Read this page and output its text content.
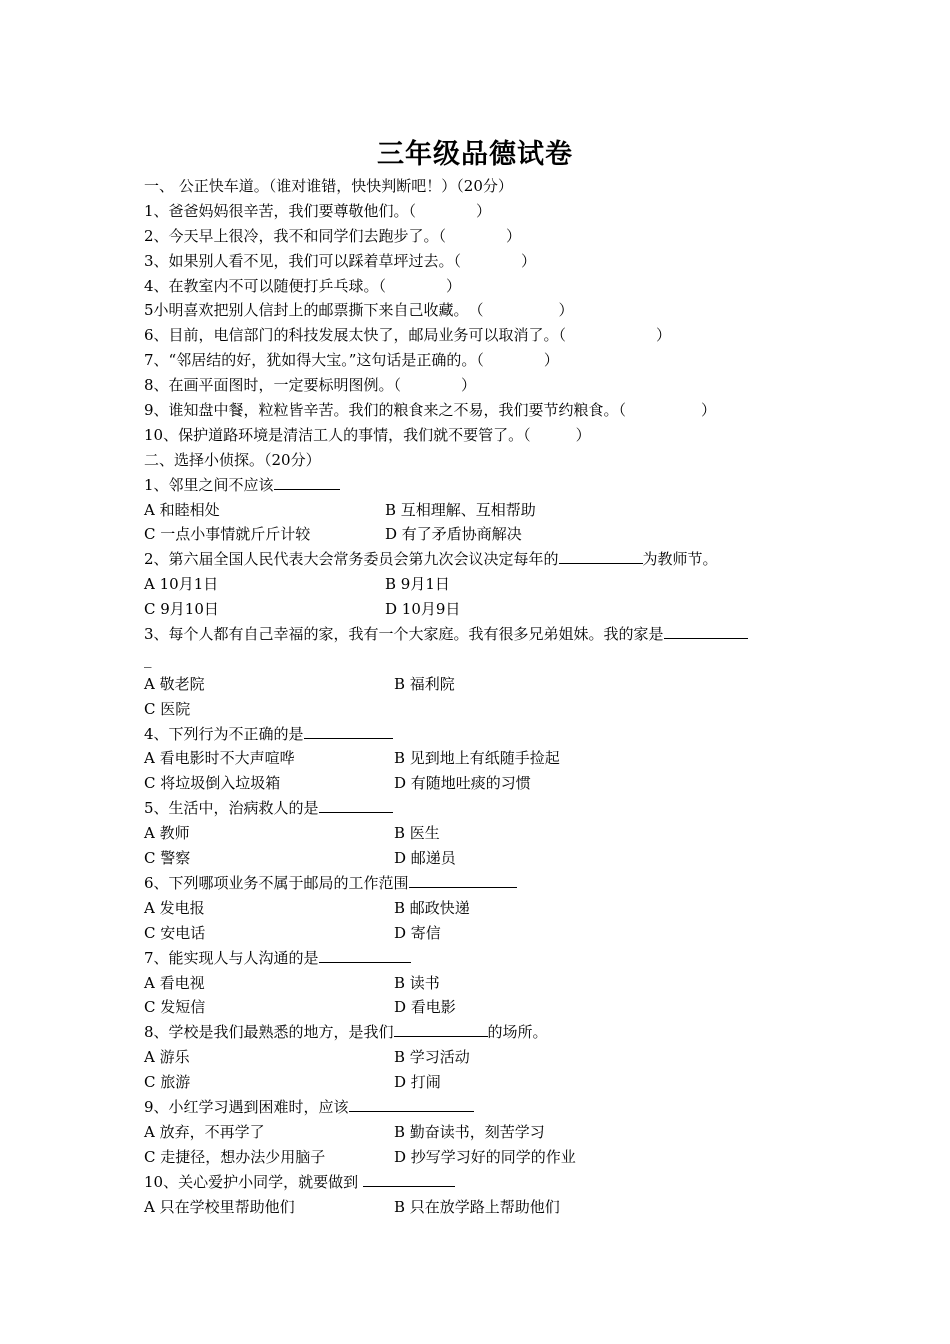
三年级品德试卷
一、 公正快车道。（谁对谁错，快快判断吧！）（20分）
1、爸爸妈妈很辛苦，我们要尊敬他们。（　　　　）
2、今天早上很冷，我不和同学们去跑步了。（　　　　）
3、如果别人看不见，我们可以踩着草坪过去。（　　　　）
4、在教室内不可以随便打乒乓球。（　　　　）
5小明喜欢把别人信封上的邮票撕下来自己收藏。　（　　　　　）
6、目前，电信部门的科技发展太快了，邮局业务可以取消了。（　　　　　　）
7、“邻居结的好，犹如得大宝。”这句话是正确的。（　　　　）
8、在画平面图时，一定要标明图例。（　　　　）
9、谁知盘中餐，粒粒皆辛苦。我们的粮食来之不易，我们要节约粮食。（　　　　　）
10、保护道路环境是清洁工人的事情，我们就不要管了。（　　　）
二、选择小侦探。（20分）
1、邻里之间不应该
A 和睦相处	B 互相理解、互相帮助
C 一点小事情就斤斤计较	D 有了矛盾协商解决
2、第六届全国人民代表大会常务委员会第九次会议决定每年的	为教师节。
A 10月1日	B 9月1日
C 9月10日	D 10月9日
3、每个人都有自己幸福的家，我有一个大家庭。我有很多兄弟姐妹。我的家是
_
A 敬老院	B 福利院
C 医院
4、下列行为不正确的是
A 看电影时不大声喧哗	B 见到地上有纸随手捡起
C 将垃圾倒入垃圾箱	D 有随地吐痰的习惯
5、生活中，治病救人的是
A 教师	B 医生
C 警察	D 邮递员
6、下列哪项业务不属于邮局的工作范围
A 发电报	B 邮政快递
C 安电话	D 寄信
7、能实现人与人沟通的是
A 看电视	B 读书
C 发短信	D 看电影
8、学校是我们最熟悉的地方，是我们	的场所。
A 游乐	B 学习活动
C 旅游	D 打闹
9、小红学习遇到困难时，应该
A 放弃，不再学了	B 勤奋读书，刻苦学习
C 走捷径，想办法少用脑子	D 抄写学习好的同学的作业
10、关心爱护小同学，就要做到
A 只在学校里帮助他们	B 只在放学路上帮助他们
